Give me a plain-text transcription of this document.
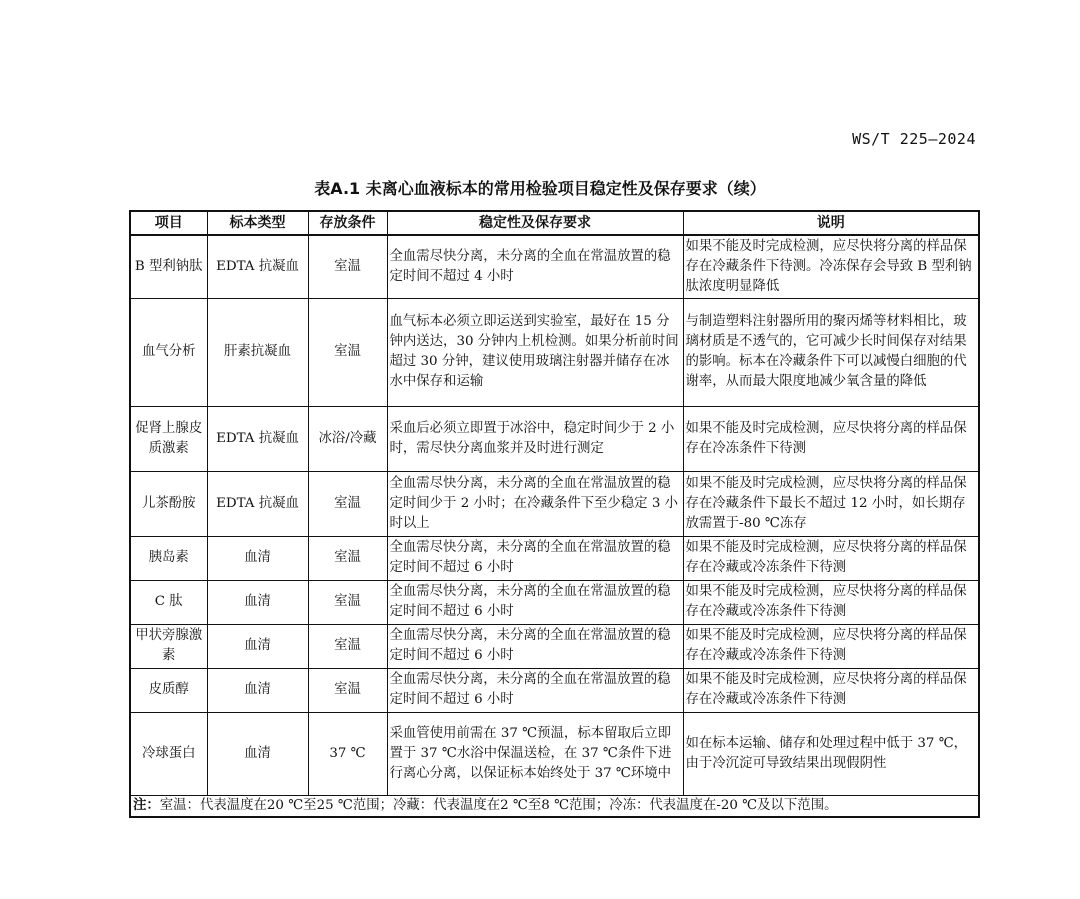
WS/T 225—2024
表A.1 未离心血液标本的常用检验项目稳定性及保存要求（续）
项目	标本类型	存放条件	稳定性及保存要求	说明
B 型利钠肽	EDTA 抗凝血	室温	全血需尽快分离，未分离的全血在常温放置的稳定时间不超过 4 小时	如果不能及时完成检测，应尽快将分离的样品保存在冷藏条件下待测。冷冻保存会导致 B 型利钠肽浓度明显降低
血气分析	肝素抗凝血	室温	血气标本必须立即运送到实验室，最好在 15 分钟内送达，30 分钟内上机检测。如果分析前时间超过 30 分钟，建议使用玻璃注射器并储存在冰水中保存和运输	与制造塑料注射器所用的聚丙烯等材料相比，玻璃材质是不透气的，它可减少长时间保存对结果的影响。标本在冷藏条件下可以减慢白细胞的代谢率，从而最大限度地减少氧含量的降低
促肾上腺皮质激素	EDTA 抗凝血	冰浴/冷藏	采血后必须立即置于冰浴中，稳定时间少于 2 小时，需尽快分离血浆并及时进行测定	如果不能及时完成检测，应尽快将分离的样品保存在冷冻条件下待测
儿茶酚胺	EDTA 抗凝血	室温	全血需尽快分离，未分离的全血在常温放置的稳定时间少于 2 小时；在冷藏条件下至少稳定 3 小时以上	如果不能及时完成检测，应尽快将分离的样品保存在冷藏条件下最长不超过 12 小时，如长期存放需置于-80 ℃冻存
胰岛素	血清	室温	全血需尽快分离，未分离的全血在常温放置的稳定时间不超过 6 小时	如果不能及时完成检测，应尽快将分离的样品保存在冷藏或冷冻条件下待测
C 肽	血清	室温	全血需尽快分离，未分离的全血在常温放置的稳定时间不超过 6 小时	如果不能及时完成检测，应尽快将分离的样品保存在冷藏或冷冻条件下待测
甲状旁腺激素	血清	室温	全血需尽快分离，未分离的全血在常温放置的稳定时间不超过 6 小时	如果不能及时完成检测，应尽快将分离的样品保存在冷藏或冷冻条件下待测
皮质醇	血清	室温	全血需尽快分离，未分离的全血在常温放置的稳定时间不超过 6 小时	如果不能及时完成检测，应尽快将分离的样品保存在冷藏或冷冻条件下待测
冷球蛋白	血清	37 ℃	采血管使用前需在 37 ℃预温，标本留取后立即置于 37 ℃水浴中保温送检，在 37 ℃条件下进行离心分离，以保证标本始终处于 37 ℃环境中	如在标本运输、储存和处理过程中低于 37 ℃，由于冷沉淀可导致结果出现假阴性
注：室温：代表温度在20 ℃至25 ℃范围；冷藏：代表温度在2 ℃至8 ℃范围；冷冻：代表温度在-20 ℃及以下范围。				
